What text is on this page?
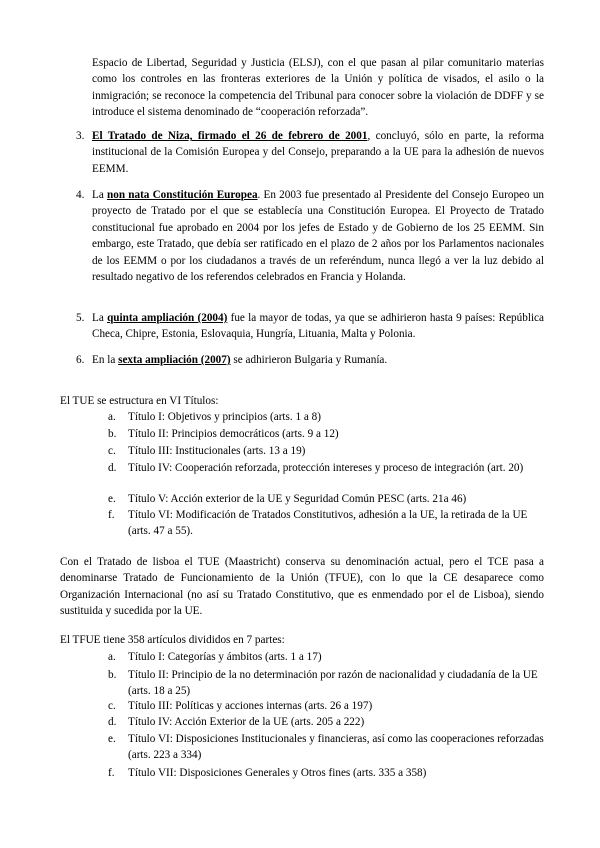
Espacio de Libertad, Seguridad y Justicia (ELSJ), con el que pasan al pilar comunitario materias como los controles en las fronteras exteriores de la Unión y política de visados, el asilo o la inmigración; se reconoce la competencia del Tribunal para conocer sobre la violación de DDFF y se introduce el sistema denominado de “cooperación reforzada”.

3. El Tratado de Niza, firmado el 26 de febrero de 2001, concluyó, sólo en parte, la reforma institucional de la Comisión Europea y del Consejo, preparando a la UE para la adhesión de nuevos EEMM.

4. La non nata Constitución Europea. En 2003 fue presentado al Presidente del Consejo Europeo un proyecto de Tratado por el que se establecía una Constitución Europea. El Proyecto de Tratado constitucional fue aprobado en 2004 por los jefes de Estado y de Gobierno de los 25 EEMM. Sin embargo, este Tratado, que debía ser ratificado en el plazo de 2 años por los Parlamentos nacionales de los EEMM o por los ciudadanos a través de un referéndum, nunca llegó a ver la luz debido al resultado negativo de los referendos celebrados en Francia y Holanda.

5. La quinta ampliación (2004) fue la mayor de todas, ya que se adhirieron hasta 9 países: República Checa, Chipre, Estonia, Eslovaquia, Hungría, Lituania, Malta y Polonia.

6. En la sexta ampliación (2007) se adhirieron Bulgaria y Rumanía.

El TUE se estructura en VI Títulos:

a.	Título I: Objetivos y principios (arts. 1 a 8)

b.	Título II: Principios democráticos (arts. 9 a 12)

c.	Título III: Institucionales (arts. 13 a 19)

d.	Título IV: Cooperación reforzada, protección intereses y proceso de integración (art. 20)

e.	Título V: Acción exterior de la UE y Seguridad Común PESC (arts. 21a 46)

f.	Título VI: Modificación de Tratados Constitutivos, adhesión a la UE, la retirada de la UE (arts. 47 a 55).

Con el Tratado de lisboa el TUE (Maastricht) conserva su denominación actual, pero el TCE pasa a denominarse Tratado de Funcionamiento de la Unión (TFUE), con lo que la CE desaparece como Organización Internacional (no así su Tratado Constitutivo, que es enmendado por el de Lisboa), siendo sustituida y sucedida por la UE.

El TFUE tiene 358 artículos divididos en 7 partes:

a.	Título I: Categorías y ámbitos (arts. 1 a 17)

b.	Título II: Principio de la no determinación por razón de nacionalidad y ciudadanía de la UE (arts. 18 a 25)

c.	Título III: Políticas y acciones internas (arts. 26 a 197)

d.	Título IV: Acción Exterior de la UE (arts. 205 a 222)

e.	Título VI: Disposiciones Institucionales y financieras, así como las cooperaciones reforzadas (arts. 223 a 334)

f.	Título VII: Disposiciones Generales y Otros fines (arts. 335 a 358)
